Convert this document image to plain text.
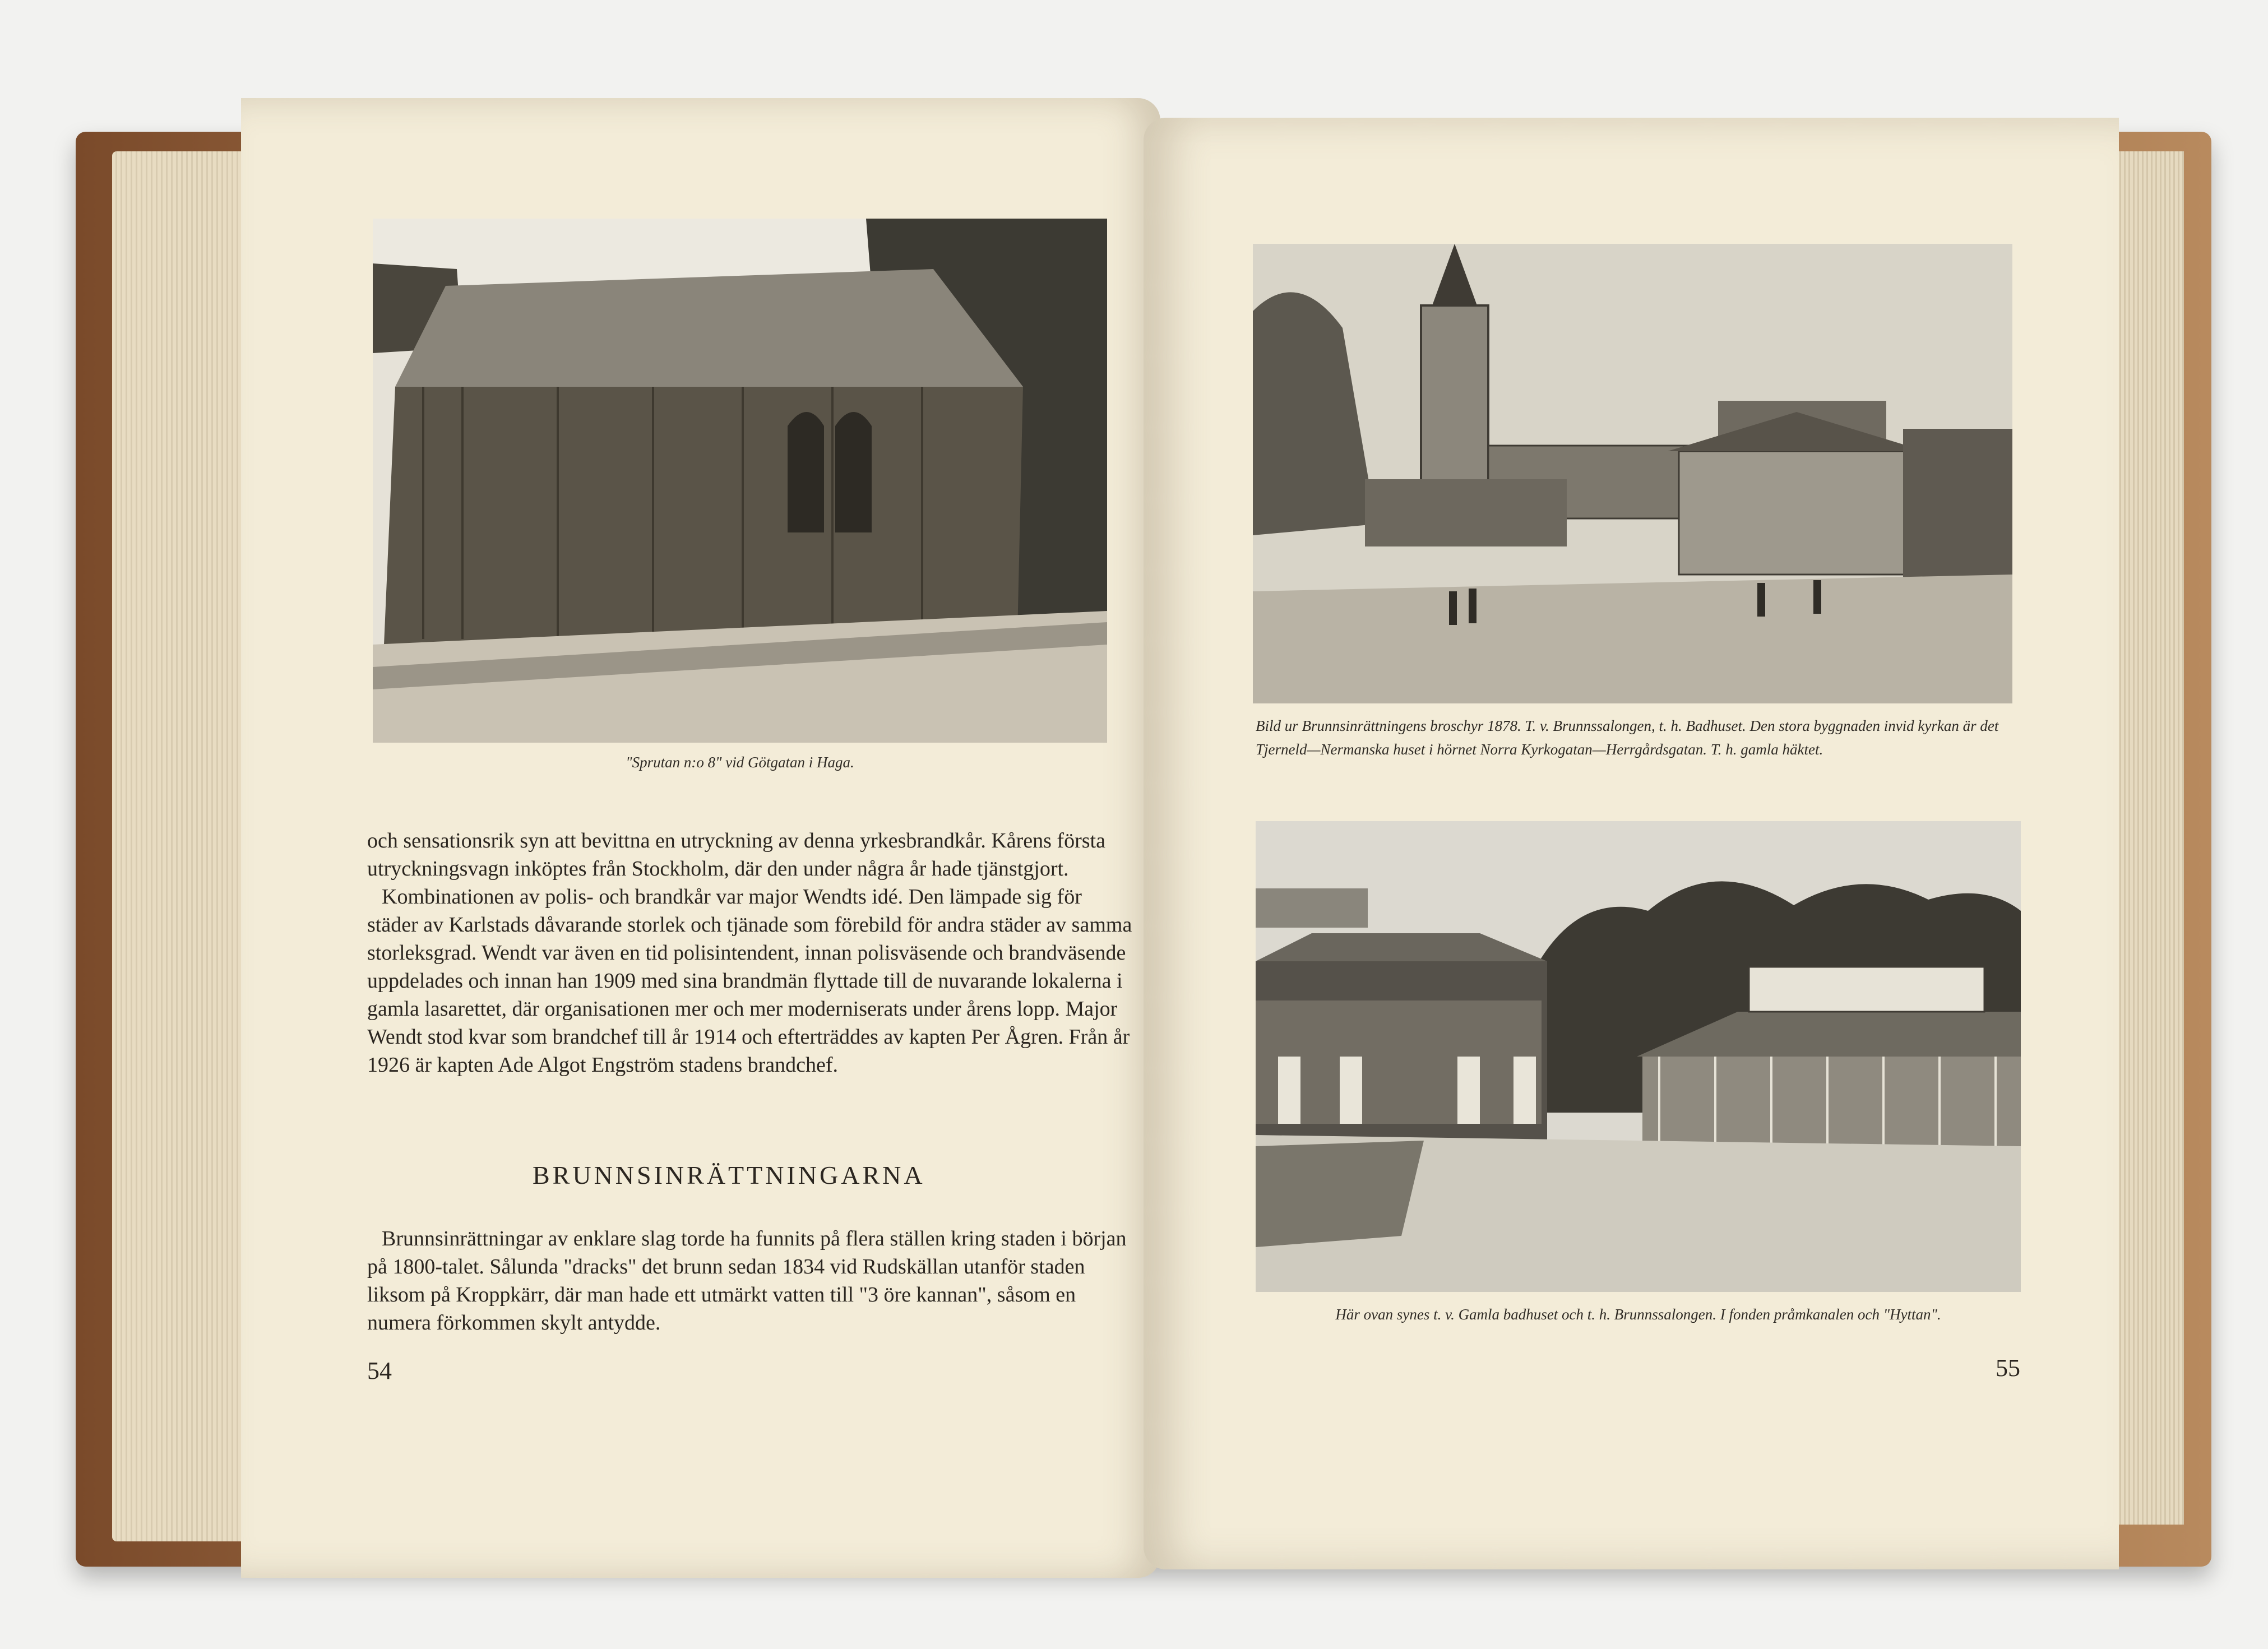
"Sprutan n:o 8" vid Götgatan i Haga.

och sensationsrik syn att bevittna en utryckning av denna yrkesbrandkår. Kårens första utryckningsvagn inköptes från Stockholm, där den under några år hade tjänstgjort.

Kombinationen av polis- och brandkår var major Wendts idé. Den lämpade sig för städer av Karlstads dåvarande storlek och tjänade som förebild för andra städer av samma storleksgrad. Wendt var även en tid polisintendent, innan polisväsende och brandväsende uppdelades och innan han 1909 med sina brandmän flyttade till de nuvarande lokalerna i gamla lasarettet, där organisationen mer och mer moderniserats under årens lopp. Major Wendt stod kvar som brandchef till år 1914 och efterträddes av kapten Per Ågren. Från år 1926 är kapten Ade Algot Engström stadens brandchef.

BRUNNSINRÄTTNINGARNA
Brunnsinrättningar av enklare slag torde ha funnits på flera ställen kring staden i början på 1800-talet. Sålunda "dracks" det brunn sedan 1834 vid Rudskällan utanför staden liksom på Kroppkärr, där man hade ett utmärkt vatten till "3 öre kannan", såsom en numera förkommen skylt antydde.
54
Bild ur Brunnsinrättningens broschyr 1878. T. v. Brunnssalongen, t. h. Badhuset. Den stora byggnaden invid kyrkan är det Tjerneld—Nermanska huset i hörnet Norra Kyrkogatan—Herrgårdsgatan. T. h. gamla häktet.
Här ovan synes t. v. Gamla badhuset och t. h. Brunnssalongen. I fonden pråmkanalen och "Hyttan".
55
